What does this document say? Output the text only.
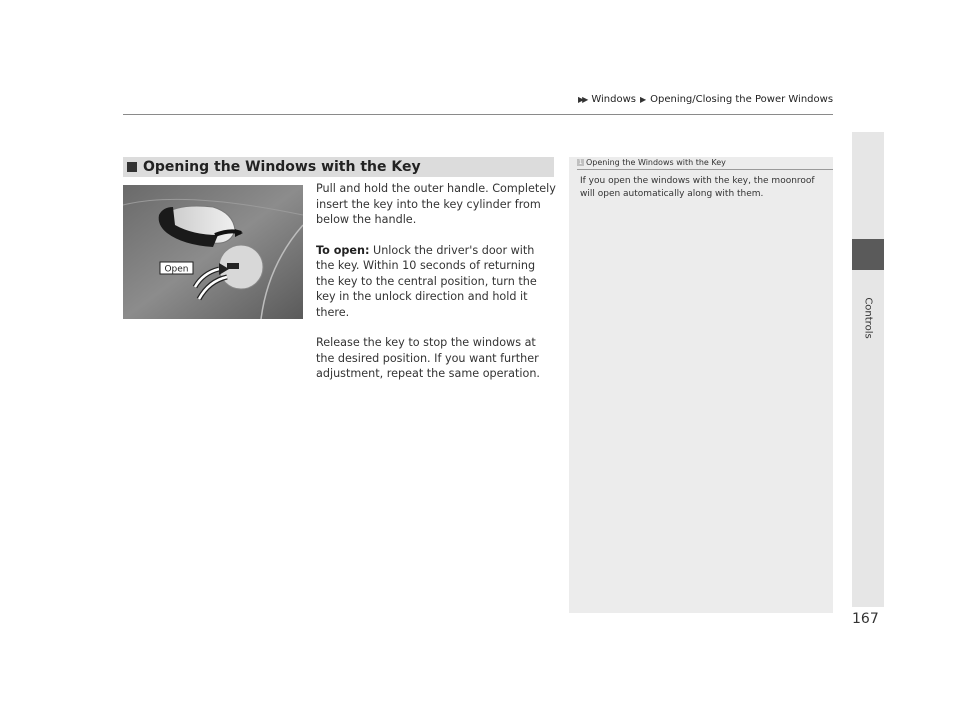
▶▶ Windows ▶ Opening/Closing the Power Windows
Controls
Opening the Windows with the Key
Open

Pull and hold the outer handle. Completely insert the key into the key cylinder from below the handle.

To open: Unlock the driver's door with the key. Within 10 seconds of returning the key to the central position, turn the key in the unlock direction and hold it there.

Release the key to stop the windows at the desired position. If you want further adjustment, repeat the same operation.

1 Opening the Windows with the Key
If you open the windows with the key, the moonroof will open automatically along with them.
167
